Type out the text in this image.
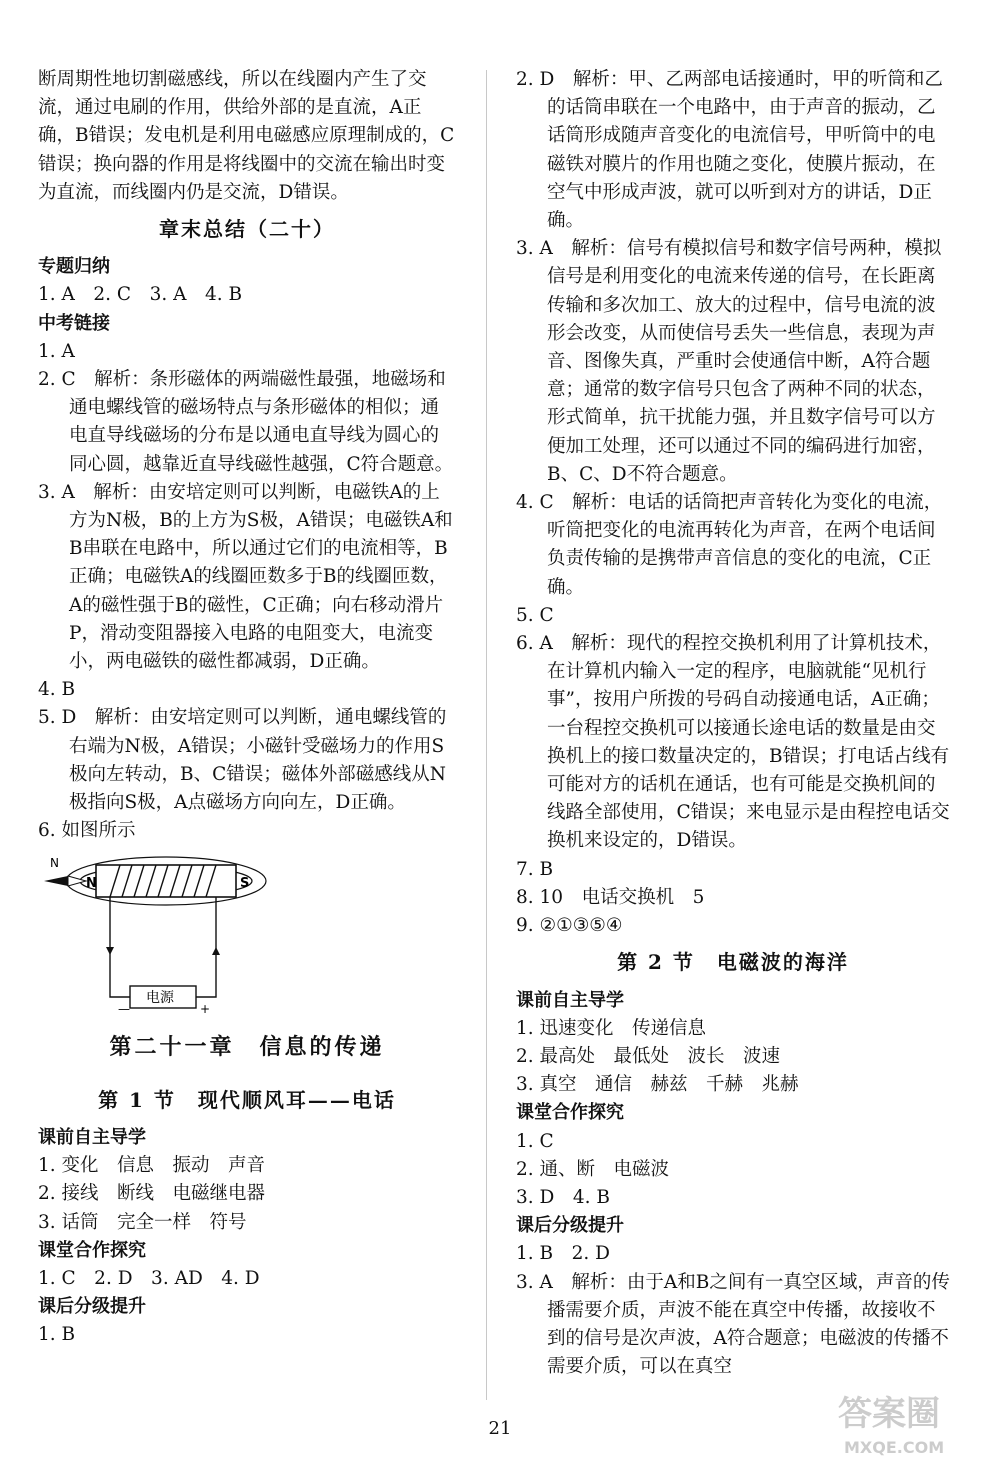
断周期性地切割磁感线，所以在线圈内产生了交流，通过电刷的作用，供给外部的是直流，A正确，B错误；发电机是利用电磁感应原理制成的，C错误；换向器的作用是将线圈中的交流在输出时变为直流，而线圈内仍是交流，D错误。

章末总结（二十）

专题归纳

1. A　2. C　3. A　4. B

中考链接

1. A

2. C　解析：条形磁体的两端磁性最强，地磁场和通电螺线管的磁场特点与条形磁体的相似；通电直导线磁场的分布是以通电直导线为圆心的同心圆，越靠近直导线磁性越强，C符合题意。

3. A　解析：由安培定则可以判断，电磁铁A的上方为N极，B的上方为S极，A错误；电磁铁A和B串联在电路中，所以通过它们的电流相等，B正确；电磁铁A的线圈匝数多于B的线圈匝数，A的磁性强于B的磁性，C正确；向右移动滑片P，滑动变阻器接入电路的电阻变大，电流变小，两电磁铁的磁性都减弱，D正确。

4. B

5. D　解析：由安培定则可以判断，通电螺线管的右端为N极，A错误；小磁针受磁场力的作用S极向左转动，B、C错误；磁体外部磁感线从N极指向S极，A点磁场方向向左，D正确。

6. 如图所示

N
N	S
电源
—	+
第二十一章　信息的传递
第 1 节　现代顺风耳——电话

课前自主导学

1. 变化　信息　振动　声音

2. 接线　断线　电磁继电器

3. 话筒　完全一样　符号

课堂合作探究

1. C　2. D　3. AD　4. D

课后分级提升

1. B

2. D　解析：甲、乙两部电话接通时，甲的听筒和乙的话筒串联在一个电路中，由于声音的振动，乙话筒形成随声音变化的电流信号，甲听筒中的电磁铁对膜片的作用也随之变化，使膜片振动，在空气中形成声波，就可以听到对方的讲话，D正确。

3. A　解析：信号有模拟信号和数字信号两种，模拟信号是利用变化的电流来传递的信号，在长距离传输和多次加工、放大的过程中，信号电流的波形会改变，从而使信号丢失一些信息，表现为声音、图像失真，严重时会使通信中断，A符合题意；通常的数字信号只包含了两种不同的状态，形式简单，抗干扰能力强，并且数字信号可以方便加工处理，还可以通过不同的编码进行加密，B、C、D不符合题意。

4. C　解析：电话的话筒把声音转化为变化的电流，听筒把变化的电流再转化为声音，在两个电话间负责传输的是携带声音信息的变化的电流，C正确。

5. C

6. A　解析：现代的程控交换机利用了计算机技术，在计算机内输入一定的程序，电脑就能“见机行事”，按用户所拨的号码自动接通电话，A正确；一台程控交换机可以接通长途电话的数量是由交换机上的接口数量决定的，B错误；打电话占线有可能对方的话机在通话，也有可能是交换机间的线路全部使用，C错误；来电显示是由程控电话交换机来设定的，D错误。

7. B

8. 10　电话交换机　5

9. ②①③⑤④

第 2 节　电磁波的海洋

课前自主导学

1. 迅速变化　传递信息

2. 最高处　最低处　波长　波速

3. 真空　通信　赫兹　千赫　兆赫

课堂合作探究

1. C

2. 通、断　电磁波

3. D　4. B

课后分级提升

1. B　2. D

3. A　解析：由于A和B之间有一真空区域，声音的传播需要介质，声波不能在真空中传播，故接收不到的信号是次声波，A符合题意；电磁波的传播不需要介质，可以在真空

21	答案圈
MXQE.COM
